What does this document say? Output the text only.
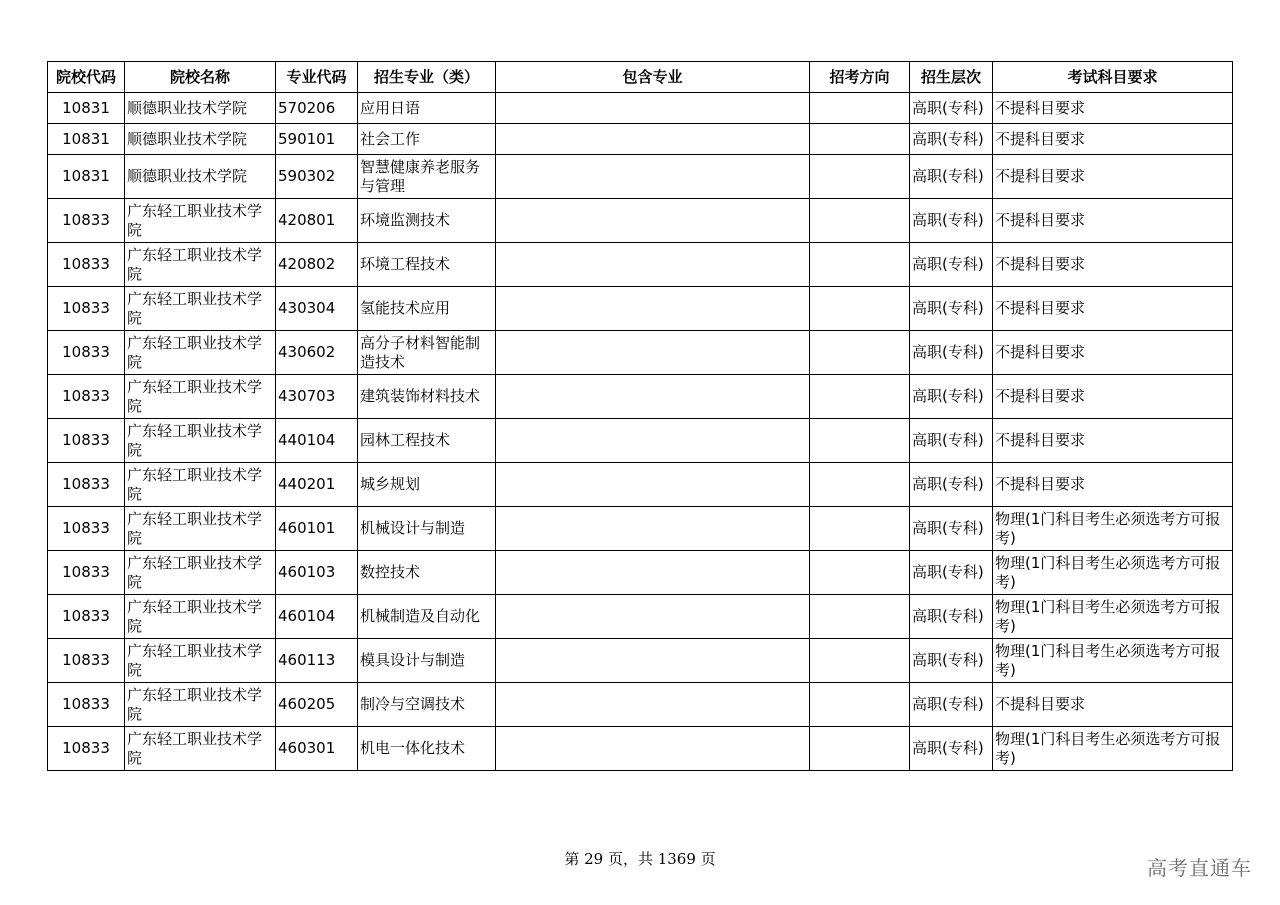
院校代码	院校名称	专业代码	招生专业（类）	包含专业	招考方向	招生层次	考试科目要求
10831	顺德职业技术学院	570206	应用日语			高职(专科)	不提科目要求
10831	顺德职业技术学院	590101	社会工作			高职(专科)	不提科目要求
10831	顺德职业技术学院	590302	智慧健康养老服务与管理			高职(专科)	不提科目要求
10833	广东轻工职业技术学院	420801	环境监测技术			高职(专科)	不提科目要求
10833	广东轻工职业技术学院	420802	环境工程技术			高职(专科)	不提科目要求
10833	广东轻工职业技术学院	430304	氢能技术应用			高职(专科)	不提科目要求
10833	广东轻工职业技术学院	430602	高分子材料智能制造技术			高职(专科)	不提科目要求
10833	广东轻工职业技术学院	430703	建筑装饰材料技术			高职(专科)	不提科目要求
10833	广东轻工职业技术学院	440104	园林工程技术			高职(专科)	不提科目要求
10833	广东轻工职业技术学院	440201	城乡规划			高职(专科)	不提科目要求
10833	广东轻工职业技术学院	460101	机械设计与制造			高职(专科)	物理(1门科目考生必须选考方可报考)
10833	广东轻工职业技术学院	460103	数控技术			高职(专科)	物理(1门科目考生必须选考方可报考)
10833	广东轻工职业技术学院	460104	机械制造及自动化			高职(专科)	物理(1门科目考生必须选考方可报考)
10833	广东轻工职业技术学院	460113	模具设计与制造			高职(专科)	物理(1门科目考生必须选考方可报考)
10833	广东轻工职业技术学院	460205	制冷与空调技术			高职(专科)	不提科目要求
10833	广东轻工职业技术学院	460301	机电一体化技术			高职(专科)	物理(1门科目考生必须选考方可报考)
第 29 页，共 1369 页	高考直通车
